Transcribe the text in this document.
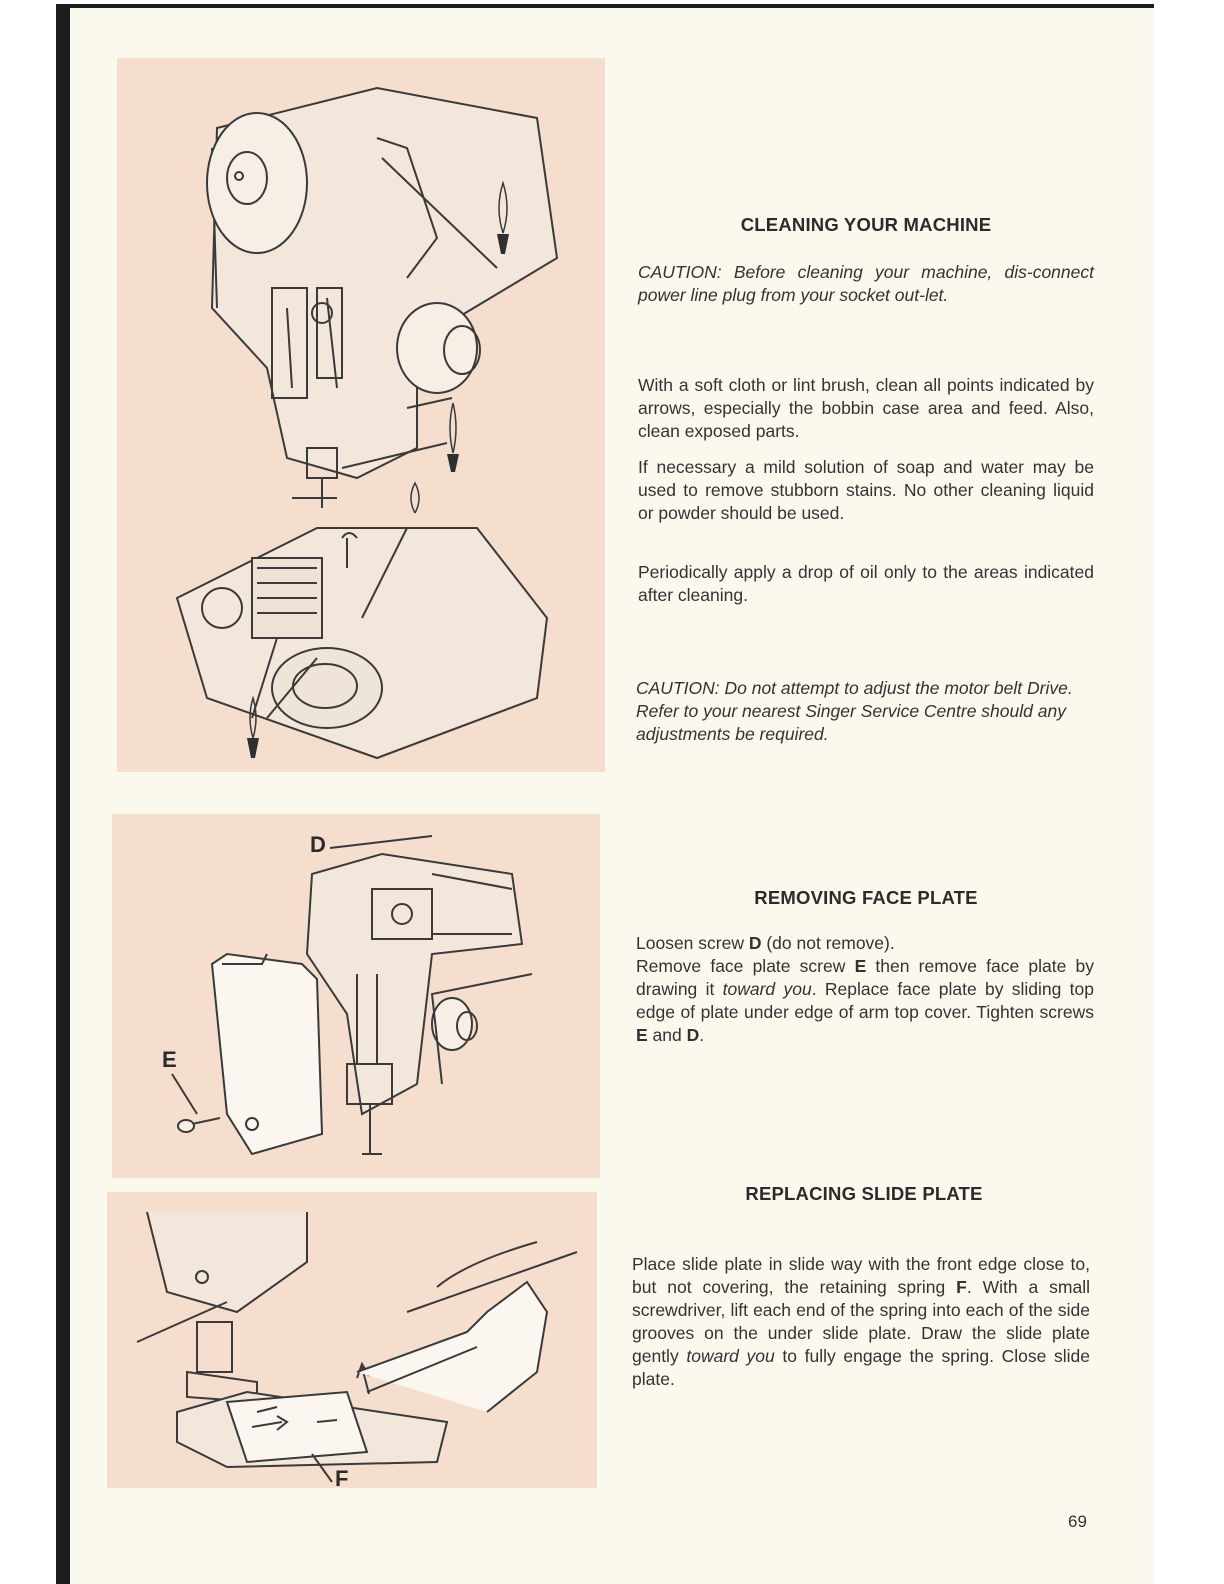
D
E
F
CLEANING YOUR MACHINE

CAUTION: Before cleaning your machine, dis-connect power line plug from your socket out-let.

With a soft cloth or lint brush, clean all points indicated by arrows, especially the bobbin case area and feed. Also, clean exposed parts.

If necessary a mild solution of soap and water may be used to remove stubborn stains. No other cleaning liquid or powder should be used.

Periodically apply a drop of oil only to the areas indicated after cleaning.

CAUTION: Do not attempt to adjust the motor belt Drive. Refer to your nearest Singer Service Centre should any adjustments be required.

REMOVING FACE PLATE

Loosen screw D (do not remove).
Remove face plate screw E then remove face plate by drawing it toward you. Replace face plate by sliding top edge of plate under edge of arm top cover. Tighten screws E and D.

REPLACING SLIDE PLATE

Place slide plate in slide way with the front edge close to, but not covering, the retaining spring F. With a small screwdriver, lift each end of the spring into each of the side grooves on the under slide plate. Draw the slide plate gently toward you to fully engage the spring. Close slide plate.

69
